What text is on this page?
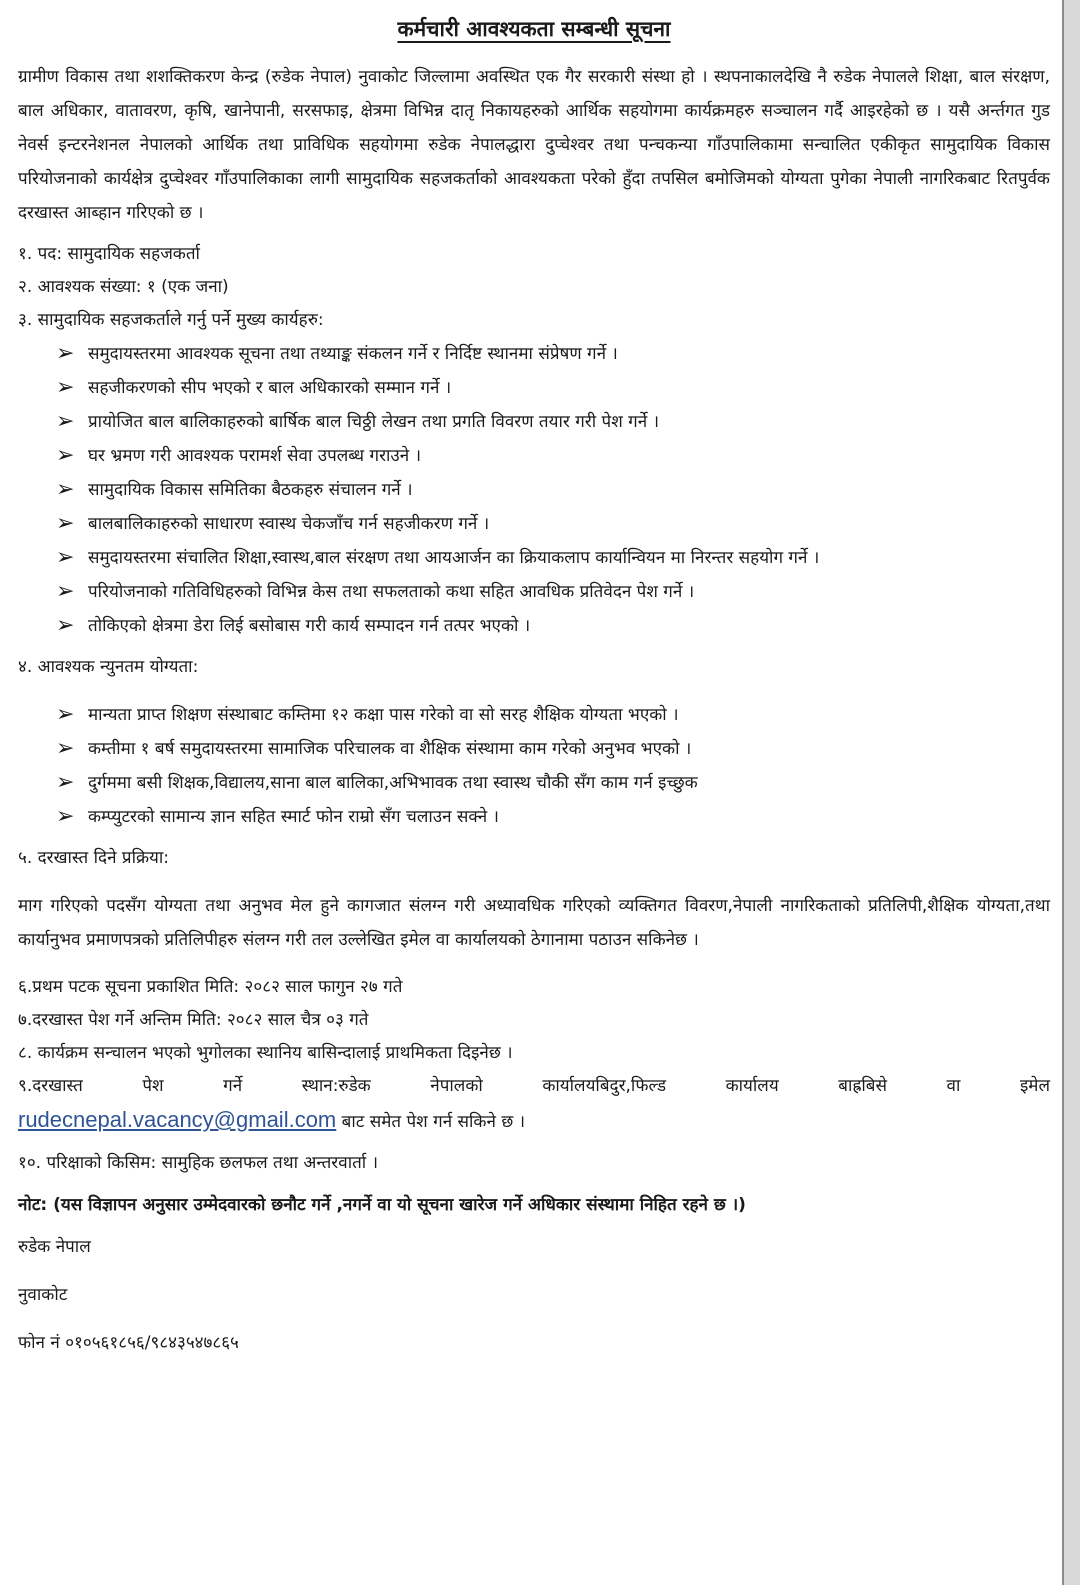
कर्मचारी आवश्यकता सम्बन्धी सूचना

ग्रामीण विकास तथा शशक्तिकरण केन्द्र (रुडेक नेपाल) नुवाकोट जिल्लामा अवस्थित एक गैर सरकारी संस्था हो । स्थपनाकालदेखि नै रुडेक नेपालले शिक्षा, बाल संरक्षण, बाल अधिकार, वातावरण, कृषि, खानेपानी, सरसफाइ, क्षेत्रमा विभिन्न दातृ निकायहरुको आर्थिक सहयोगमा कार्यक्रमहरु सञ्चालन गर्दै आइरहेको छ । यसै अर्न्तगत गुड नेवर्स इन्टरनेशनल नेपालको आर्थिक तथा प्राविधिक सहयोगमा रुडेक नेपालद्धारा दुप्चेश्वर तथा पन्चकन्या गाँउपालिकामा सन्चालित एकीकृत सामुदायिक विकास परियोजनाको कार्यक्षेत्र दुप्चेश्वर गाँउपालिकाका लागी सामुदायिक सहजकर्ताको आवश्यकता परेको हुँदा तपसिल बमोजिमको योग्यता पुगेका नेपाली नागरिकबाट रितपुर्वक दरखास्त आब्हान गरिएको छ ।

१. पद: सामुदायिक सहजकर्ता
२. आवश्यक संख्या: १ (एक जना)
३. सामुदायिक सहजकर्ताले गर्नु पर्ने मुख्य कार्यहरु:
➢ समुदायस्तरमा आवश्यक सूचना तथा तथ्याङ्क संकलन गर्ने र निर्दिष्ट स्थानमा संप्रेषण गर्ने ।
➢ सहजीकरणको सीप भएको र बाल अधिकारको सम्मान गर्ने ।
➢ प्रायोजित बाल बालिकाहरुको बार्षिक बाल चिठ्ठी लेखन तथा प्रगति विवरण तयार गरी पेश गर्ने ।
➢ घर भ्रमण गरी आवश्यक परामर्श सेवा उपलब्ध गराउने ।
➢ सामुदायिक विकास समितिका बैठकहरु संचालन गर्ने ।
➢ बालबालिकाहरुको साधारण स्वास्थ चेकजाँच गर्न सहजीकरण गर्ने ।
➢ समुदायस्तरमा संचालित शिक्षा,स्वास्थ,बाल संरक्षण तथा आयआर्जन का क्रियाकलाप कार्यान्वियन मा निरन्तर सहयोग गर्ने ।
➢ परियोजनाको गतिविधिहरुको विभिन्न केस तथा सफलताको कथा सहित आवधिक प्रतिवेदन पेश गर्ने ।
➢ तोकिएको क्षेत्रमा डेरा लिई बसोबास गरी कार्य सम्पादन गर्न तत्पर भएको ।
४. आवश्यक न्युनतम योग्यता:
➢ मान्यता प्राप्त शिक्षण संस्थाबाट कम्तिमा १२ कक्षा पास गरेको वा सो सरह शैक्षिक योग्यता भएको ।
➢ कम्तीमा १ बर्ष समुदायस्तरमा सामाजिक परिचालक वा शैक्षिक संस्थामा काम गरेको अनुभव भएको ।
➢ दुर्गममा बसी शिक्षक,विद्यालय,साना बाल बालिका,अभिभावक तथा स्वास्थ चौकी सँग काम गर्न इच्छुक
➢ कम्प्युटरको सामान्य ज्ञान सहित स्मार्ट फोन राम्रो सँग चलाउन सक्ने ।
५. दरखास्त दिने प्रक्रिया:

माग गरिएको पदसँग योग्यता तथा अनुभव मेल हुने कागजात संलग्न गरी अध्यावधिक गरिएको व्यक्तिगत विवरण,नेपाली नागरिकताको प्रतिलिपी,शैक्षिक योग्यता,तथा कार्यानुभव प्रमाणपत्रको प्रतिलिपीहरु संलग्न गरी तल उल्लेखित इमेल वा कार्यालयको ठेगानामा पठाउन सकिनेछ ।

६.प्रथम पटक सूचना प्रकाशित मिति: २०८२ साल फागुन २७ गते
७.दरखास्त पेश गर्ने अन्तिम मिति: २०८२ साल चैत्र ०३ गते
८. कार्यक्रम सन्चालन भएको भुगोलका स्थानिय बासिन्दालाई प्राथमिकता दिइनेछ ।
९.दरखास्त पेश गर्ने स्थान:रुडेक नेपालको कार्यालयबिदुर,फिल्ड कार्यालय बाह्रबिसे वा इमेल
rudecnepal.vacancy@gmail.com बाट समेत पेश गर्न सकिने छ ।
१०. परिक्षाको किसिम: सामुहिक छलफल तथा अन्तरवार्ता ।
नोट: (यस विज्ञापन अनुसार उम्मेदवारको छनौट गर्ने ,नगर्ने वा यो सूचना खारेज गर्ने अधिकार संस्थामा निहित रहने छ ।)
रुडेक नेपाल
नुवाकोट
फोन नं ०१०५६१८५६/९८४३५४७८६५
